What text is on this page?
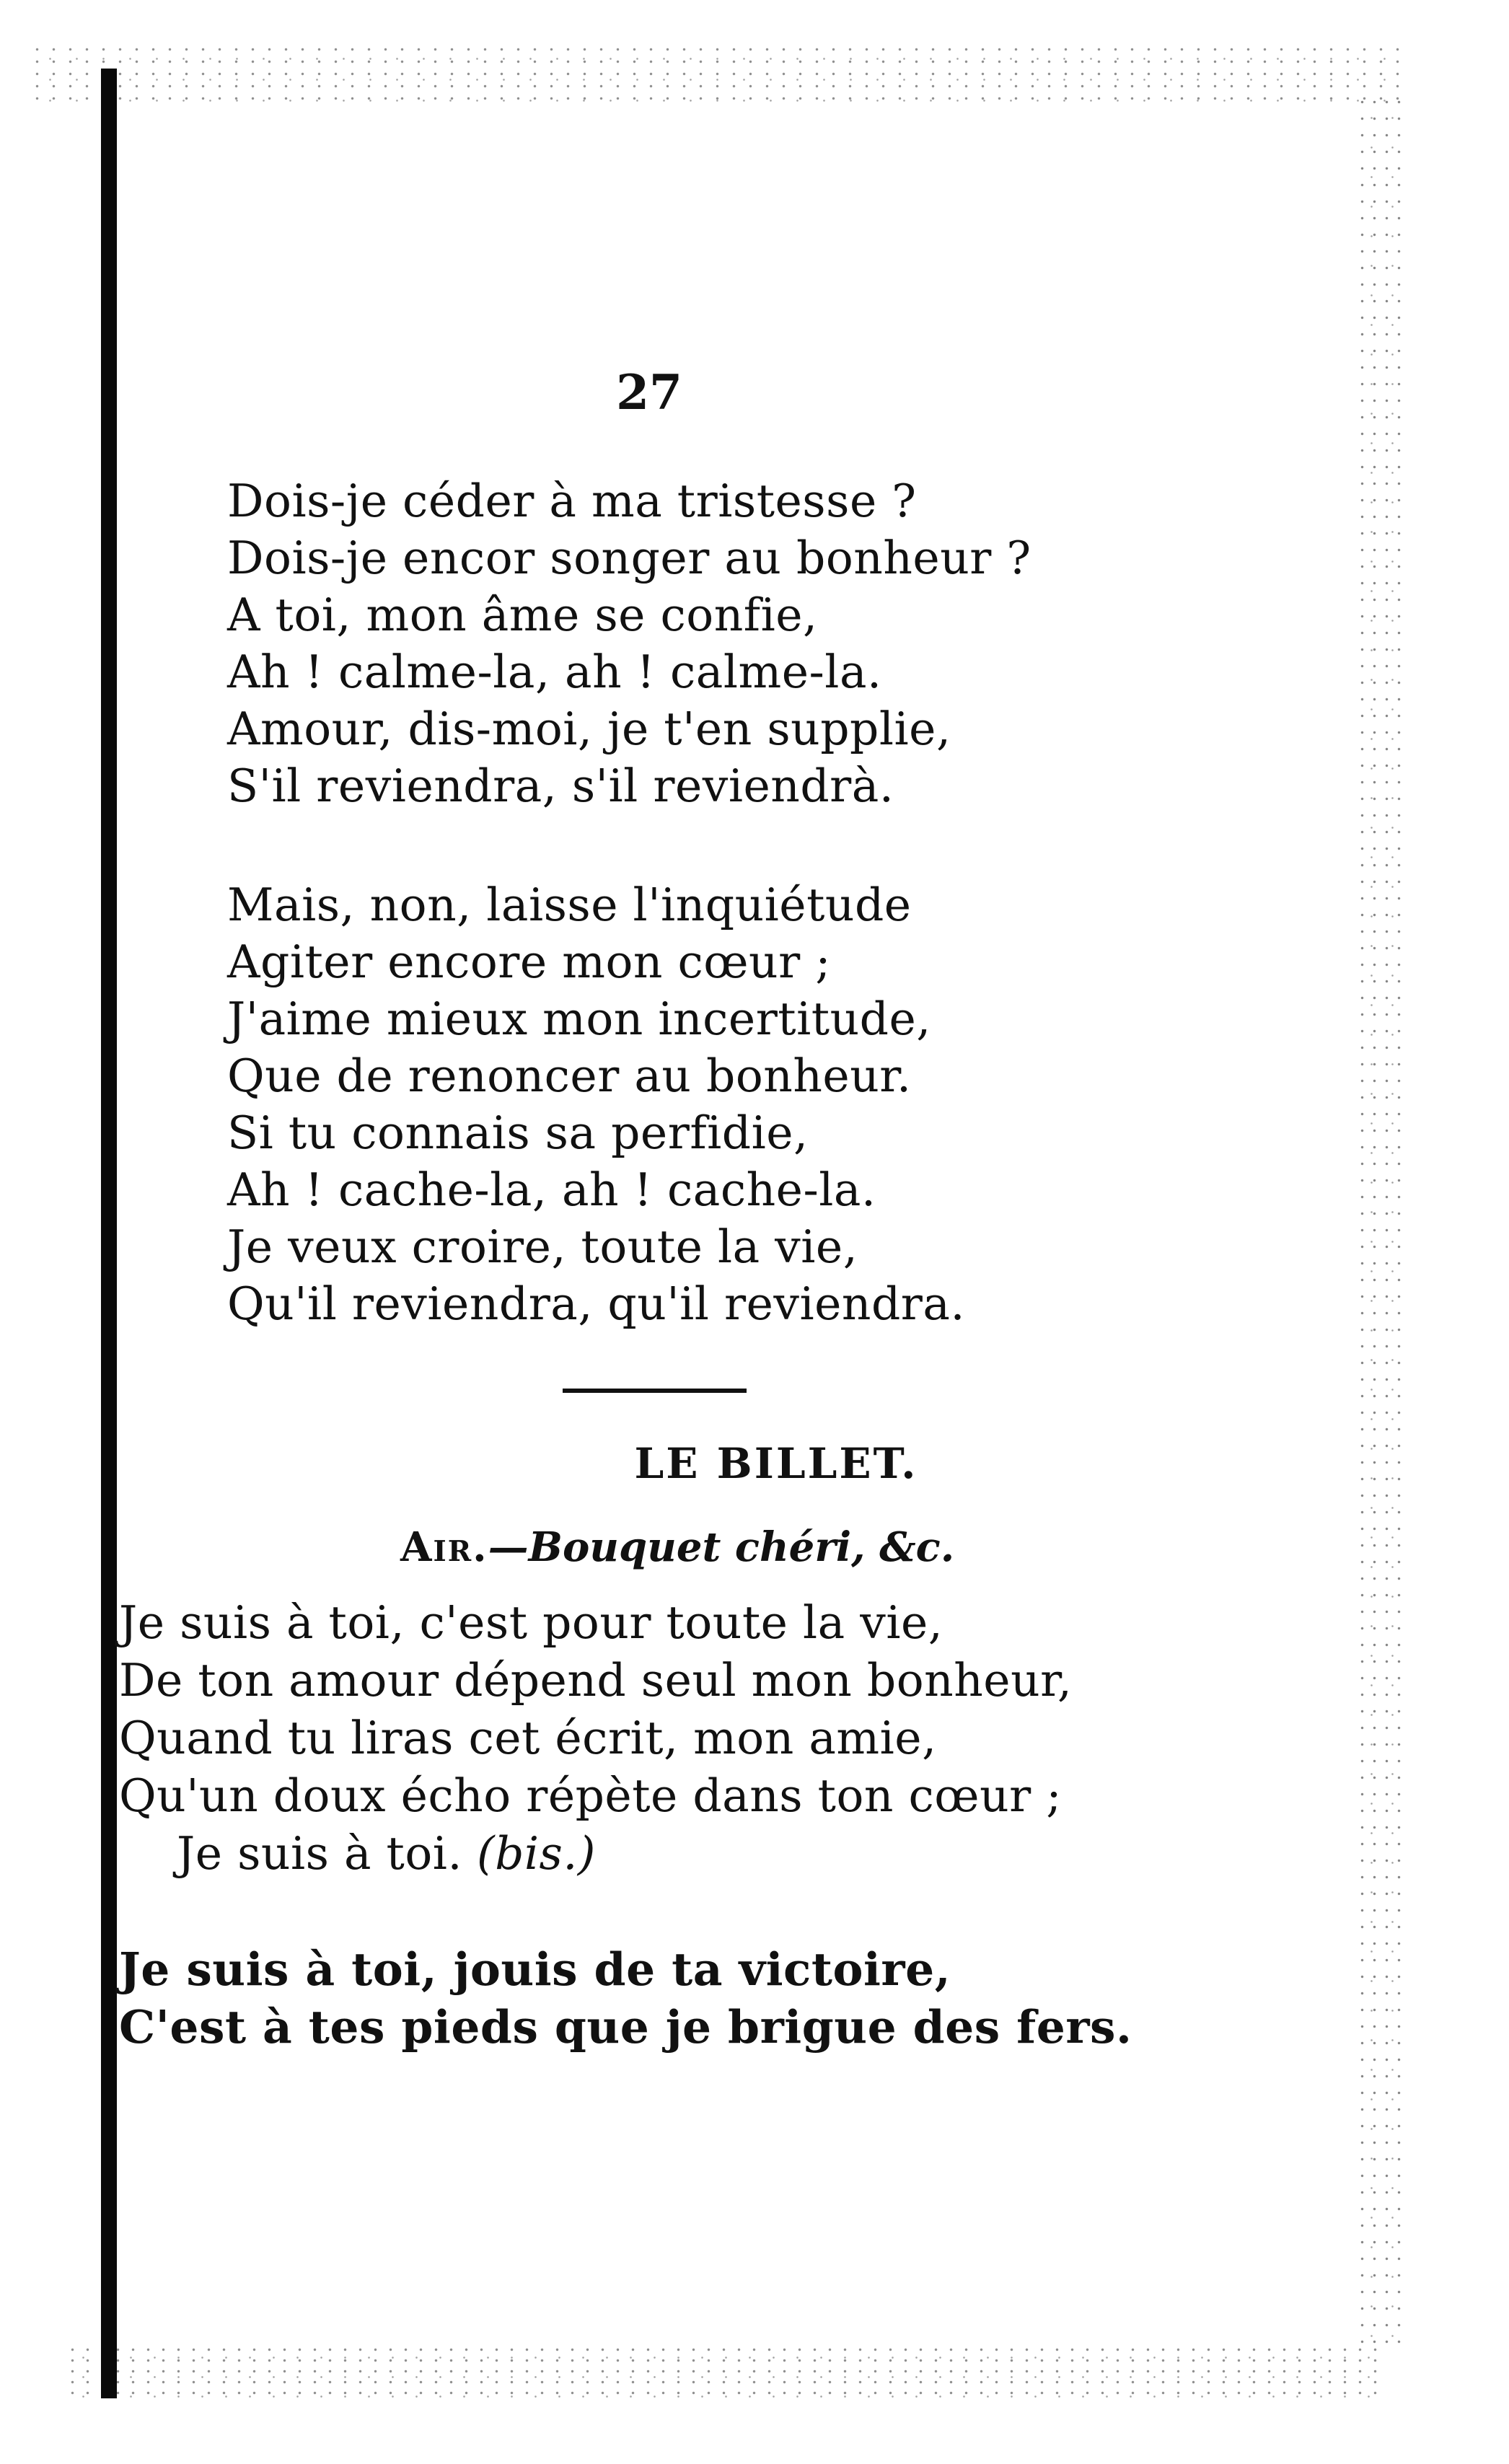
27
Dois-je céder à ma tristesse ?
Dois-je encor songer au bonheur ?
A toi, mon âme se confie,
Ah ! calme-la, ah ! calme-la.
Amour, dis-moi, je t'en supplie,
S'il reviendra, s'il reviendrà.
Mais, non, laisse l'inquiétude
Agiter encore mon cœur ;
J'aime mieux mon incertitude,
Que de renoncer au bonheur.
Si tu connais sa perfidie,
Ah ! cache-la, ah ! cache-la.
Je veux croire, toute la vie,
Qu'il reviendra, qu'il reviendra.
LE BILLET.
Air.—Bouquet chéri, &c.
Je suis à toi, c'est pour toute la vie,
De ton amour dépend seul mon bonheur,
Quand tu liras cet écrit, mon amie,
Qu'un doux écho répète dans ton cœur ;
Je suis à toi. (bis.)
Je suis à toi, jouis de ta victoire,
C'est à tes pieds que je brigue des fers.
